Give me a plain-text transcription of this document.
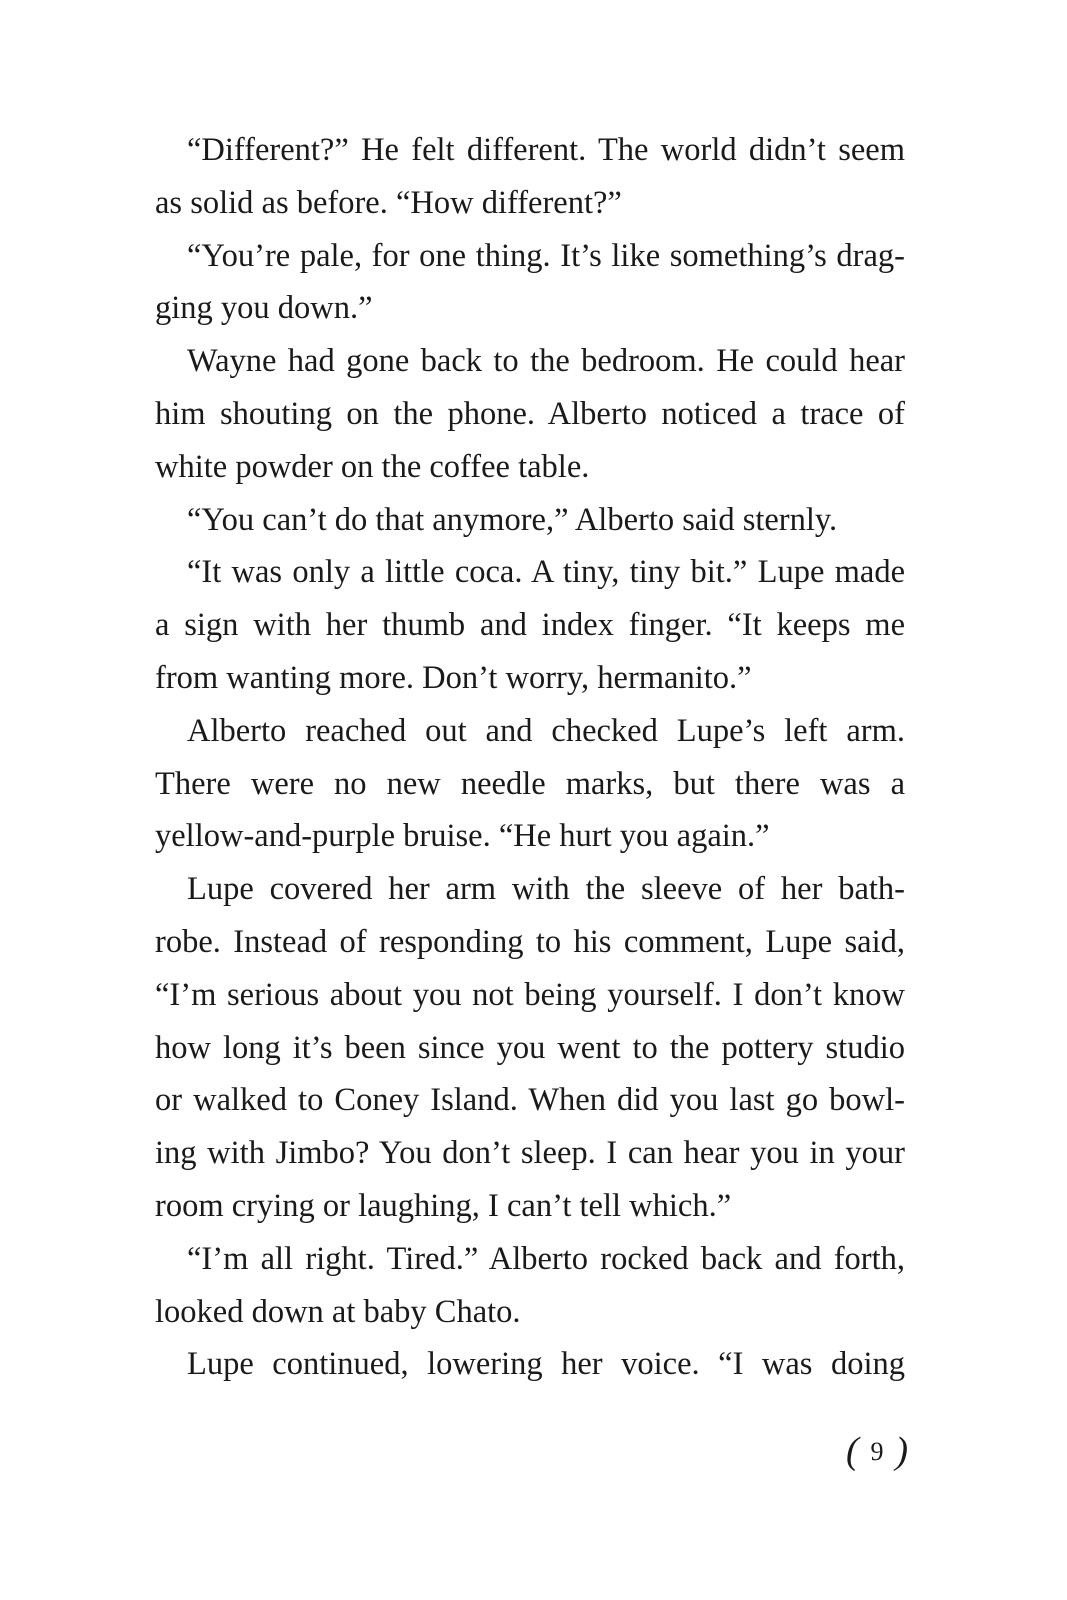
“Different?” He felt different. The world didn’t seem
as solid as before. “How different?”
“You’re pale, for one thing. It’s like something’s drag-
ging you down.”
Wayne had gone back to the bedroom. He could hear
him shouting on the phone. Alberto noticed a trace of
white powder on the coffee table.
“You can’t do that anymore,” Alberto said sternly.
“It was only a little coca. A tiny, tiny bit.” Lupe made
a sign with her thumb and index finger. “It keeps me
from wanting more. Don’t worry, hermanito.”
Alberto reached out and checked Lupe’s left arm.
There were no new needle marks, but there was a
yellow-and-purple bruise. “He hurt you again.”
Lupe covered her arm with the sleeve of her bath-
robe. Instead of responding to his comment, Lupe said,
“I’m serious about you not being yourself. I don’t know
how long it’s been since you went to the pottery studio
or walked to Coney Island. When did you last go bowl-
ing with Jimbo? You don’t sleep. I can hear you in your
room crying or laughing, I can’t tell which.”
“I’m all right. Tired.” Alberto rocked back and forth,
looked down at baby Chato.
Lupe continued, lowering her voice. “I was doing
( 9 )
